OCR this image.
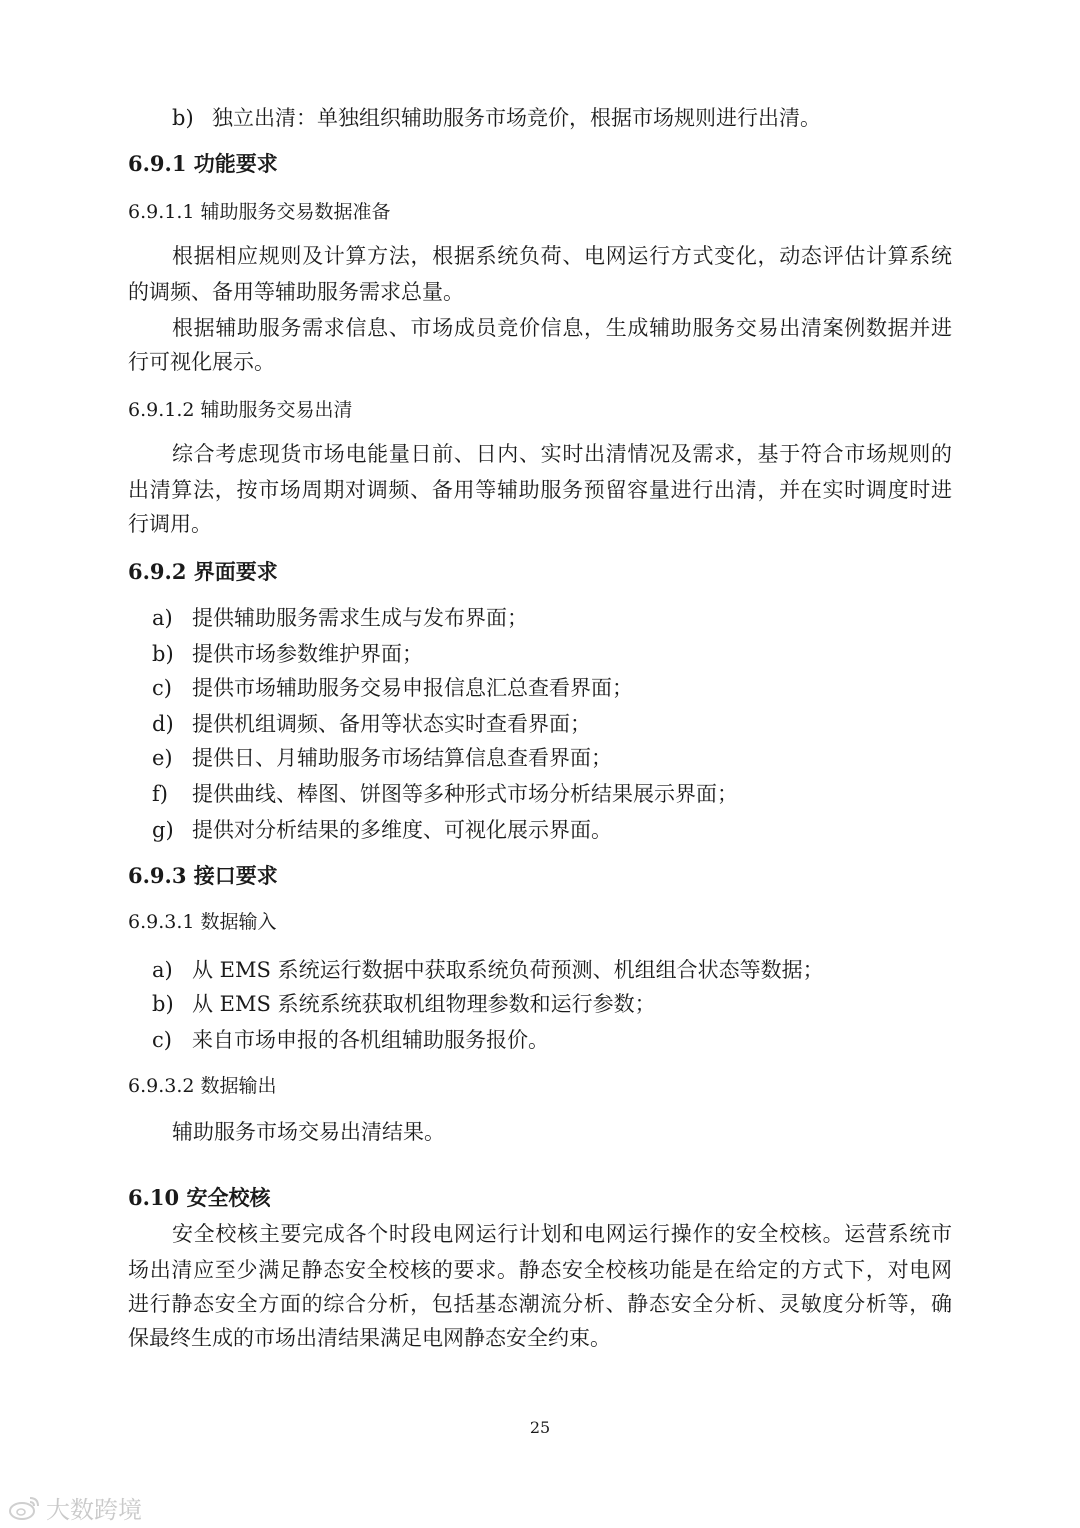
b) 独立出清：单独组织辅助服务市场竞价，根据市场规则进行出清。
6.9.1 功能要求
6.9.1.1 辅助服务交易数据准备
根据相应规则及计算方法，根据系统负荷、电网运行方式变化，动态评估计算系统
的调频、备用等辅助服务需求总量。
根据辅助服务需求信息、市场成员竞价信息，生成辅助服务交易出清案例数据并进
行可视化展示。
6.9.1.2 辅助服务交易出清
综合考虑现货市场电能量日前、日内、实时出清情况及需求，基于符合市场规则的
出清算法，按市场周期对调频、备用等辅助服务预留容量进行出清，并在实时调度时进
行调用。
6.9.2 界面要求
a) 提供辅助服务需求生成与发布界面；
b) 提供市场参数维护界面；
c) 提供市场辅助服务交易申报信息汇总查看界面；
d) 提供机组调频、备用等状态实时查看界面；
e) 提供日、月辅助服务市场结算信息查看界面；
f) 提供曲线、棒图、饼图等多种形式市场分析结果展示界面；
g) 提供对分析结果的多维度、可视化展示界面。
6.9.3 接口要求
6.9.3.1 数据输入
a) 从 EMS 系统运行数据中获取系统负荷预测、机组组合状态等数据；
b) 从 EMS 系统系统获取机组物理参数和运行参数；
c) 来自市场申报的各机组辅助服务报价。
6.9.3.2 数据输出
辅助服务市场交易出清结果。
6.10 安全校核
安全校核主要完成各个时段电网运行计划和电网运行操作的安全校核。运营系统市
场出清应至少满足静态安全校核的要求。静态安全校核功能是在给定的方式下，对电网
进行静态安全方面的综合分析，包括基态潮流分析、静态安全分析、灵敏度分析等，确
保最终生成的市场出清结果满足电网静态安全约束。
25
大数跨境
